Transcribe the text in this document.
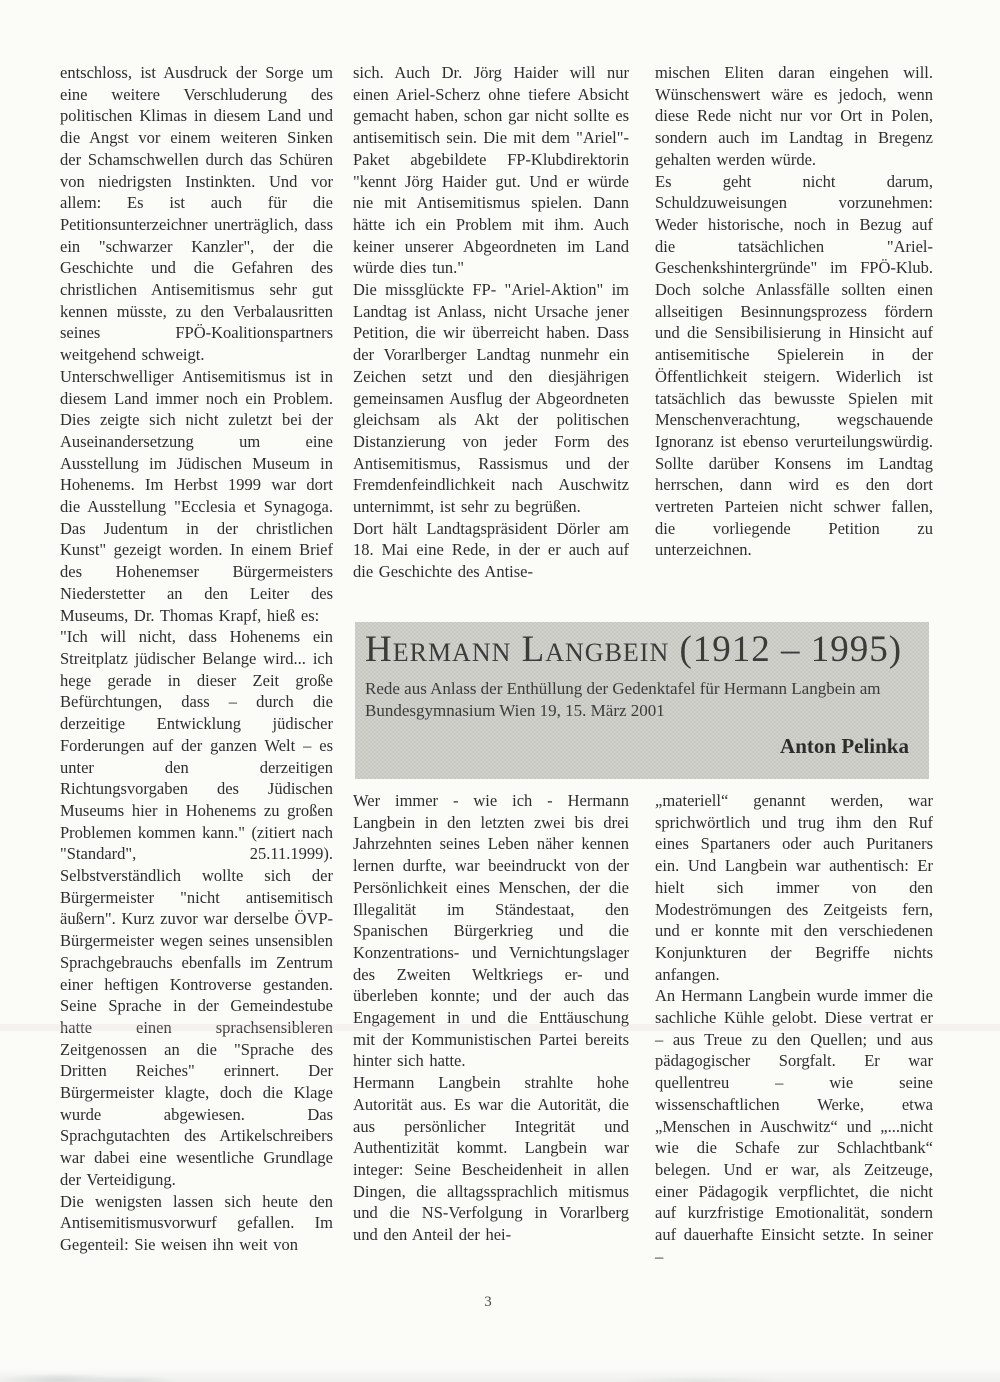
entschloss, ist Ausdruck der Sorge um eine weitere Verschluderung des politischen Klimas in diesem Land und die Angst vor einem weiteren Sinken der Schamschwellen durch das Schüren von niedrigsten Instinkten. Und vor allem: Es ist auch für die Petitionsunterzeichner unerträglich, dass ein "schwarzer Kanzler", der die Geschichte und die Gefahren des christlichen Antisemitismus sehr gut kennen müsste, zu den Verbalausritten seines FPÖ-Koalitionspartners weitgehend schweigt.

Unterschwelliger Antisemitismus ist in diesem Land immer noch ein Problem. Dies zeigte sich nicht zuletzt bei der Auseinandersetzung um eine Ausstellung im Jüdischen Museum in Hohenems. Im Herbst 1999 war dort die Ausstellung "Ecclesia et Synagoga. Das Judentum in der christlichen Kunst" gezeigt worden. In einem Brief des Hohenemser Bürgermeisters Niederstetter an den Leiter des Museums, Dr. Thomas Krapf, hieß es:

"Ich will nicht, dass Hohenems ein Streitplatz jüdischer Belange wird... ich hege gerade in dieser Zeit große Befürchtungen, dass – durch die derzeitige Entwicklung jüdischer Forderungen auf der ganzen Welt – es unter den derzeitigen Richtungsvorgaben des Jüdischen Museums hier in Hohenems zu großen Problemen kommen kann." (zitiert nach "Standard", 25.11.1999). Selbstverständlich wollte sich der Bürgermeister "nicht antisemitisch äußern". Kurz zuvor war derselbe ÖVP-Bürgermeister wegen seines unsensiblen Sprachgebrauchs ebenfalls im Zentrum einer heftigen Kontroverse gestanden. Seine Sprache in der Gemeindestube hatte einen sprachsensibleren Zeitgenossen an die "Sprache des Dritten Reiches" erinnert. Der Bürgermeister klagte, doch die Klage wurde abgewiesen. Das Sprachgutachten des Artikelschreibers war dabei eine wesentliche Grundlage der Verteidigung.

Die wenigsten lassen sich heute den Antisemitismusvorwurf gefallen. Im Gegenteil: Sie weisen ihn weit von

sich. Auch Dr. Jörg Haider will nur einen Ariel-Scherz ohne tiefere Absicht gemacht haben, schon gar nicht sollte es antisemitisch sein. Die mit dem "Ariel"-Paket abgebildete FP-Klubdirektorin "kennt Jörg Haider gut. Und er würde nie mit Antisemitismus spielen. Dann hätte ich ein Problem mit ihm. Auch keiner unserer Abgeordneten im Land würde dies tun."

Die missglückte FP- "Ariel-Aktion" im Landtag ist Anlass, nicht Ursache jener Petition, die wir überreicht haben. Dass der Vorarlberger Landtag nunmehr ein Zeichen setzt und den diesjährigen gemeinsamen Ausflug der Abgeordneten gleichsam als Akt der politischen Distanzierung von jeder Form des Antisemitismus, Rassismus und der Fremdenfeindlichkeit nach Auschwitz unternimmt, ist sehr zu begrüßen.

Dort hält Landtagspräsident Dörler am 18. Mai eine Rede, in der er auch auf die Geschichte des Antise-

mischen Eliten daran eingehen will. Wünschenswert wäre es jedoch, wenn diese Rede nicht nur vor Ort in Polen, sondern auch im Landtag in Bregenz gehalten werden würde.

Es geht nicht darum, Schuldzuweisungen vorzunehmen: Weder historische, noch in Bezug auf die tatsächlichen "Ariel-Geschenkshintergründe" im FPÖ-Klub. Doch solche Anlassfälle sollten einen allseitigen Besinnungsprozess fördern und die Sensibilisierung in Hinsicht auf antisemitische Spielerein in der Öffentlichkeit steigern. Widerlich ist tatsächlich das bewusste Spielen mit Menschenverachtung, wegschauende Ignoranz ist ebenso verurteilungswürdig. Sollte darüber Konsens im Landtag herrschen, dann wird es den dort vertreten Parteien nicht schwer fallen, die vorliegende Petition zu unterzeichnen.

Hermann Langbein (1912 – 1995)
Rede aus Anlass der Enthüllung der Gedenktafel für Hermann Langbein am Bundesgymnasium Wien 19, 15. März 2001
Anton Pelinka

Wer immer - wie ich - Hermann Langbein in den letzten zwei bis drei Jahrzehnten seines Leben näher kennen lernen durfte, war beeindruckt von der Persönlichkeit eines Menschen, der die Illegalität im Ständestaat, den Spanischen Bürgerkrieg und die Konzentrations- und Vernichtungslager des Zweiten Weltkriegs er- und überleben konnte; und der auch das Engagement in und die Enttäuschung mit der Kommunistischen Partei bereits hinter sich hatte.

Hermann Langbein strahlte hohe Autorität aus. Es war die Autorität, die aus persönlicher Integrität und Authentizität kommt. Langbein war integer: Seine Bescheidenheit in allen Dingen, die alltagssprachlich mitismus und die NS-Verfolgung in Vorarlberg und den Anteil der hei-

„materiell“ genannt werden, war sprichwörtlich und trug ihm den Ruf eines Spartaners oder auch Puritaners ein. Und Langbein war authentisch: Er hielt sich immer von den Modeströmungen des Zeitgeists fern, und er konnte mit den verschiedenen Konjunkturen der Begriffe nichts anfangen.

An Hermann Langbein wurde immer die sachliche Kühle gelobt. Diese vertrat er – aus Treue zu den Quellen; und aus pädagogischer Sorgfalt. Er war quellentreu – wie seine wissenschaftlichen Werke, etwa „Menschen in Auschwitz“ und „...nicht wie die Schafe zur Schlachtbank“ belegen. Und er war, als Zeitzeuge, einer Pädagogik verpflichtet, die nicht auf kurzfristige Emotionalität, sondern auf dauerhafte Einsicht setzte. In seiner –

3
